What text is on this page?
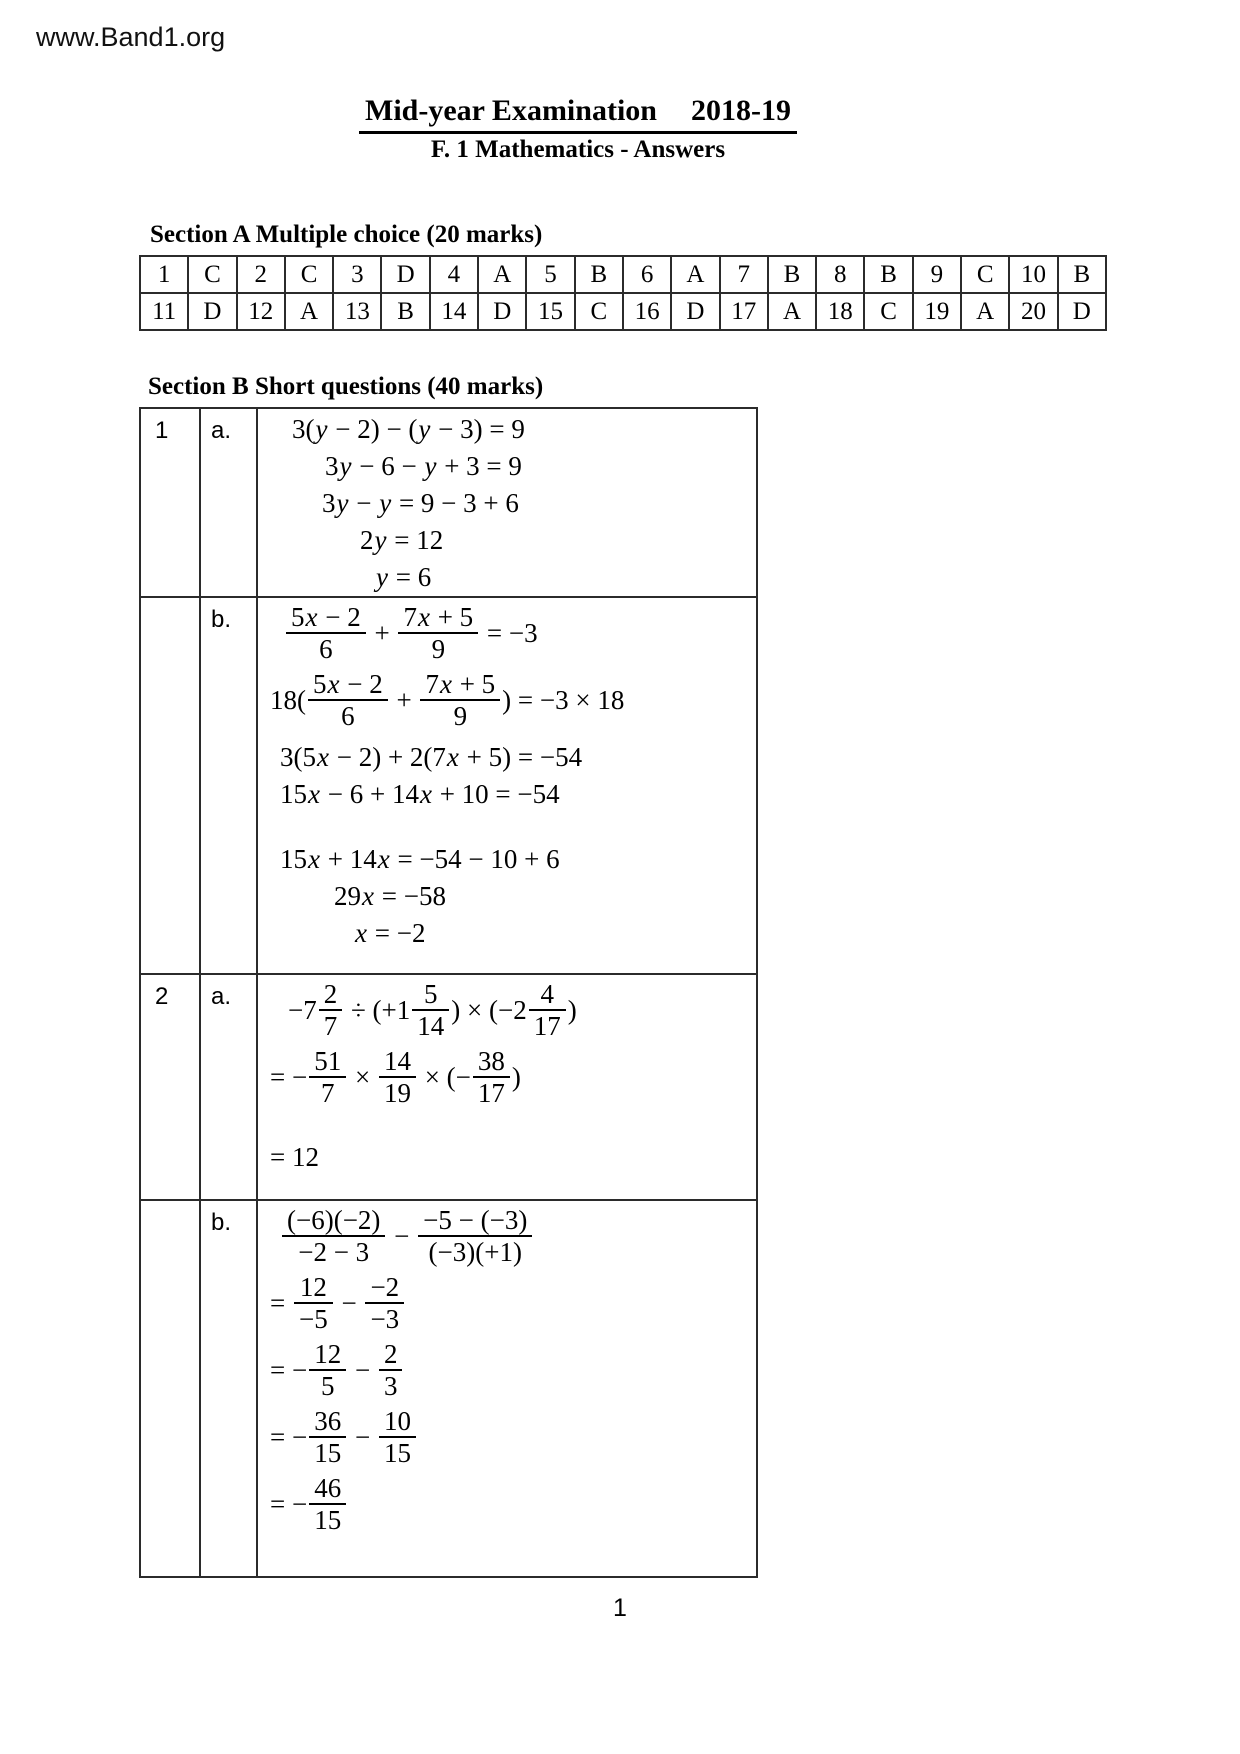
www.Band1.org
Mid-year Examination 2018-19
F. 1 Mathematics - Answers
Section A Multiple choice (20 marks)
1	C	2	C	3	D	4	A	5	B	6	A	7	B	8	B	9	C	10	B
11	D	12	A	13	B	14	D	15	C	16	D	17	A	18	C	19	A	20	D
Section B Short questions (40 marks)
1	a.	3(y − 2) − (y − 3) = 9
3y − 6 − y + 3 = 9
3y − y = 9 − 3 + 6
2y = 12
y = 6

	b.	$\frac{5x - 2}{6} + \frac{7x + 5}{9} = -3$
$18( \frac{5x - 2}{6} + \frac{7x + 5}{9}$ ) = −3 × 18
3(5x − 2) + 2(7x + 5) = −54
15x − 6 + 14x + 10 = −54
15x + 14x = −54 − 10 + 6
29x = −58
x = −2

2	a.	$-7 \frac{2}{7} \div (+1 \frac{5}{14}$ ) × ($-2 \frac{4}{17}$ )
= − $\frac{51}{7} \times \frac{14}{19}$ × (− $\frac{38}{17}$ )
= 12

	b.	$\frac{(-6)(-2)}{-2 - 3} - \frac{-5 - (-3)}{(-3)(+1)}$
= $\frac{12}{-5} - \frac{-2}{-3}$
= − $\frac{12}{5} - \frac{2}{3}$
= − $\frac{36}{15} - \frac{10}{15}$
= − $\frac{46}{15}$
1
